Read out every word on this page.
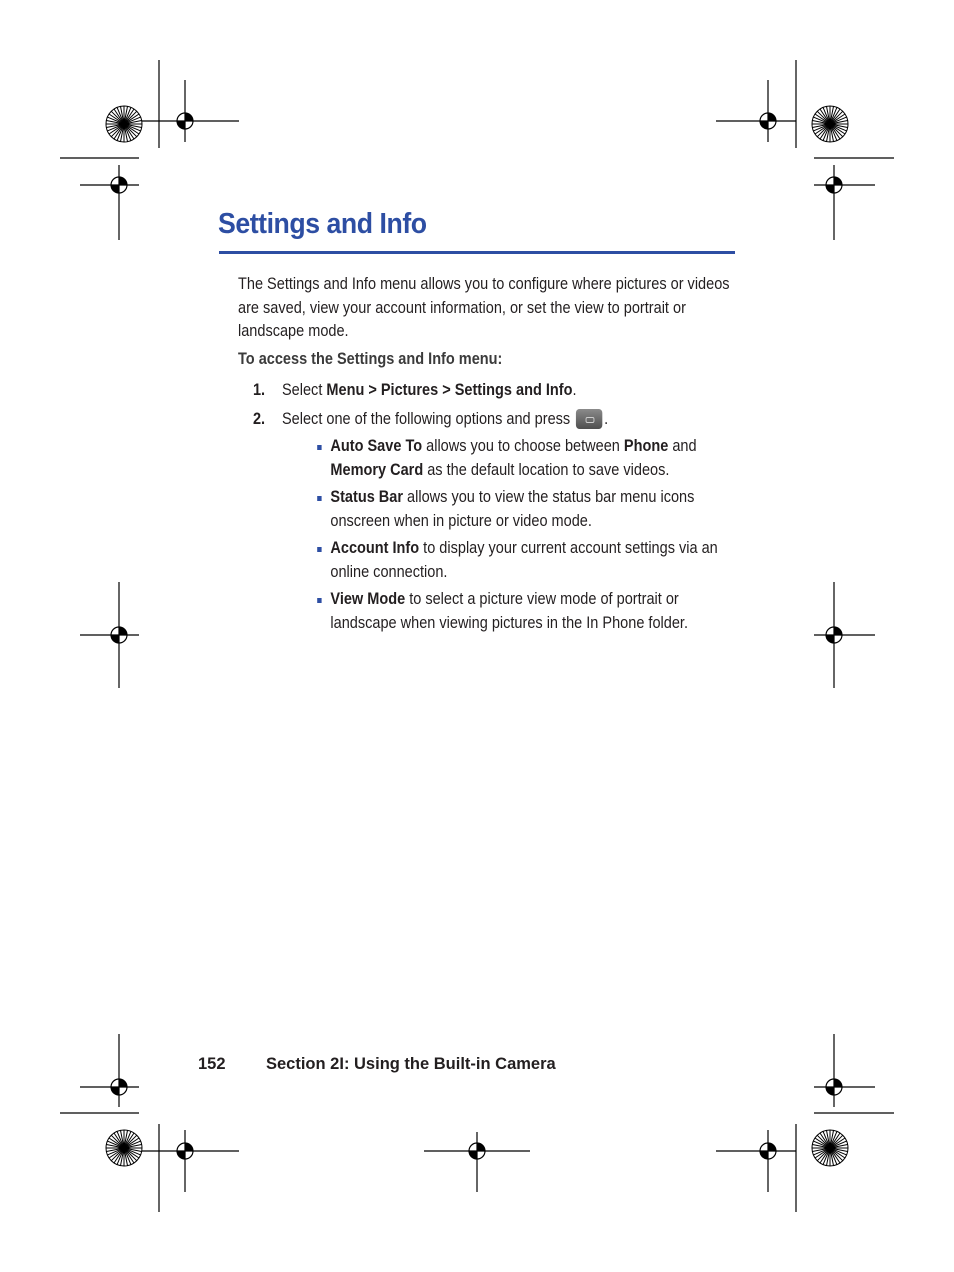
Settings and Info

The Settings and Info menu allows you to configure where pictures or videos are saved, view your account information, or set the view to portrait or landscape mode.

To access the Settings and Info menu:

1. Select Menu > Pictures > Settings and Info.
2. Select one of the following options and press
.
Auto Save To allows you to choose between Phone and Memory Card as the default location to save videos.
Status Bar allows you to view the status bar menu icons onscreen when in picture or video mode.
Account Info to display your current account settings via an online connection.
View Mode to select a picture view mode of portrait or landscape when viewing pictures in the In Phone folder.
152 Section 2I: Using the Built-in Camera
